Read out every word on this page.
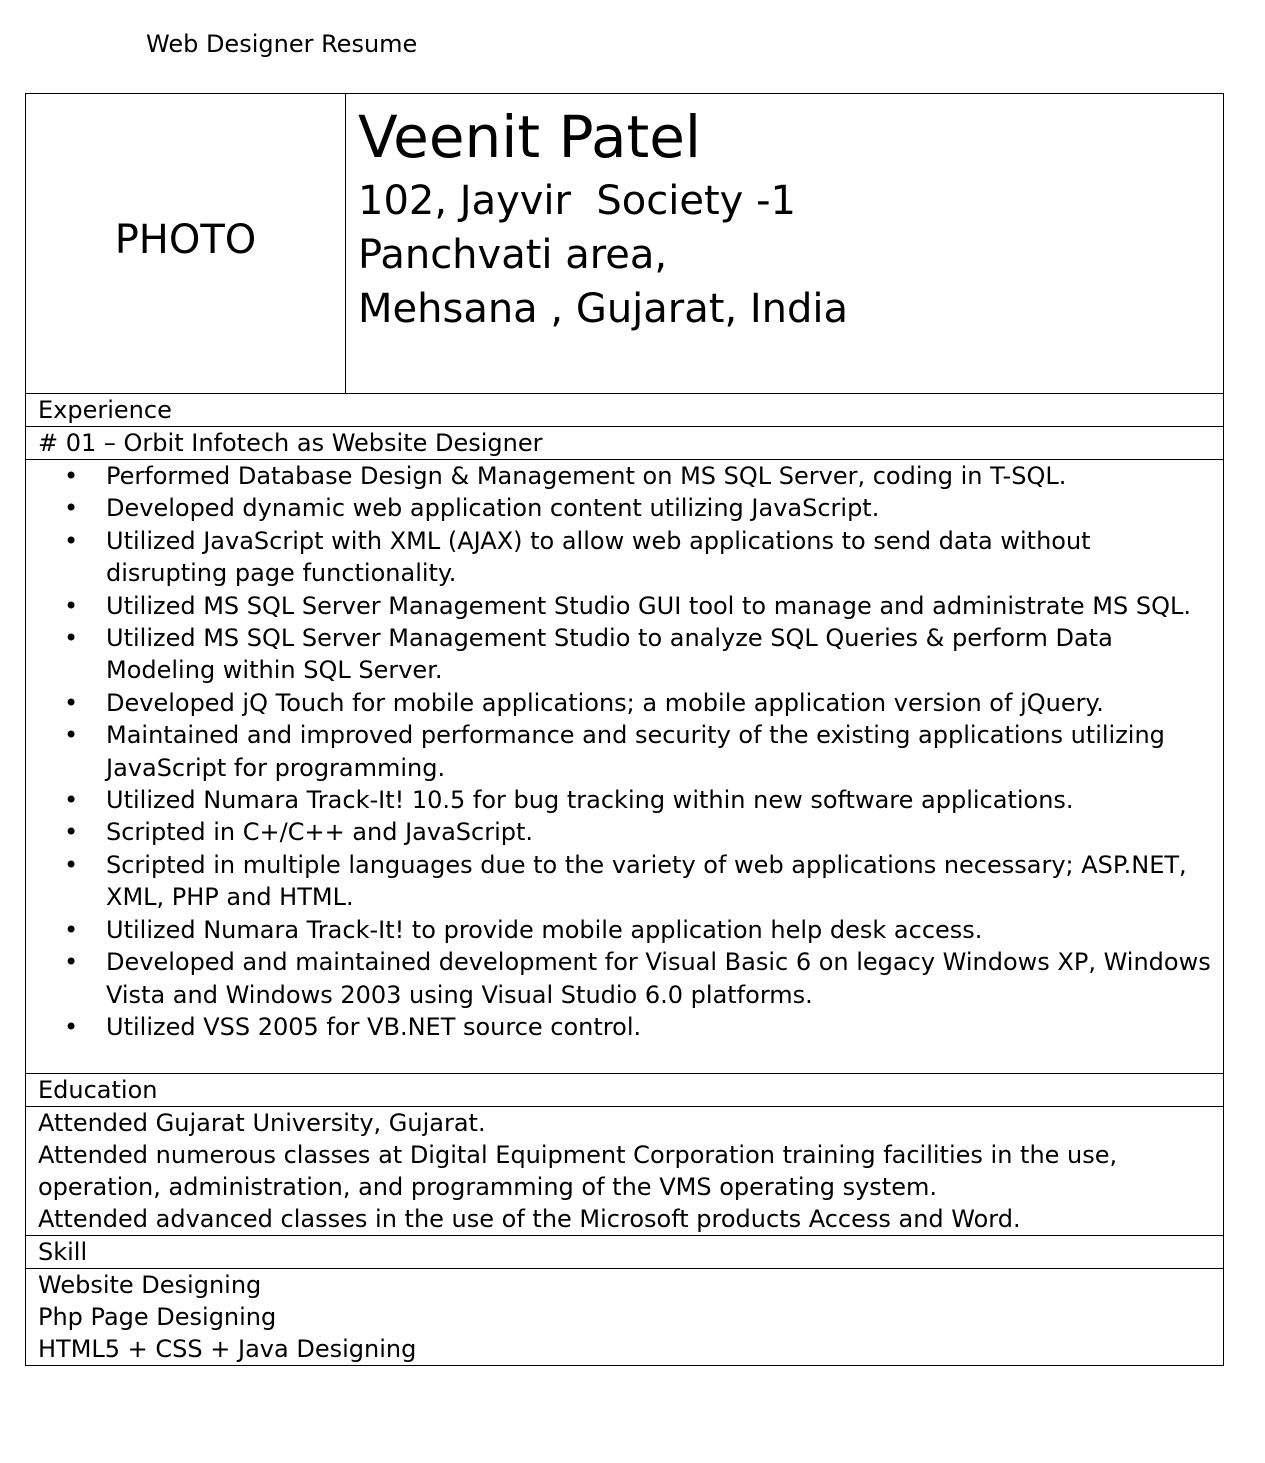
Web Designer Resume
PHOTO
Veenit Patel
102, Jayvir  Society -1
Panchvati area,
Mehsana , Gujarat, India
Experience
# 01 – Orbit Infotech as Website Designer
• Performed Database Design & Management on MS SQL Server, coding in T-SQL.
• Developed dynamic web application content utilizing JavaScript.
• Utilized JavaScript with XML (AJAX) to allow web applications to send data without disrupting page functionality.
• Utilized MS SQL Server Management Studio GUI tool to manage and administrate MS SQL.
• Utilized MS SQL Server Management Studio to analyze SQL Queries & perform Data Modeling within SQL Server.
• Developed jQ Touch for mobile applications; a mobile application version of jQuery.
• Maintained and improved performance and security of the existing applications utilizing JavaScript for programming.
• Utilized Numara Track-It! 10.5 for bug tracking within new software applications.
• Scripted in C+/C++ and JavaScript.
• Scripted in multiple languages due to the variety of web applications necessary; ASP.NET, XML, PHP and HTML.
• Utilized Numara Track-It! to provide mobile application help desk access.
• Developed and maintained development for Visual Basic 6 on legacy Windows XP, Windows Vista and Windows 2003 using Visual Studio 6.0 platforms.
• Utilized VSS 2005 for VB.NET source control.
Education

Attended Gujarat University, Gujarat.

Attended numerous classes at Digital Equipment Corporation training facilities in the use, operation, administration, and programming of the VMS operating system.

Attended advanced classes in the use of the Microsoft products Access and Word.

Skill

Website Designing

Php Page Designing

HTML5 + CSS + Java Designing
